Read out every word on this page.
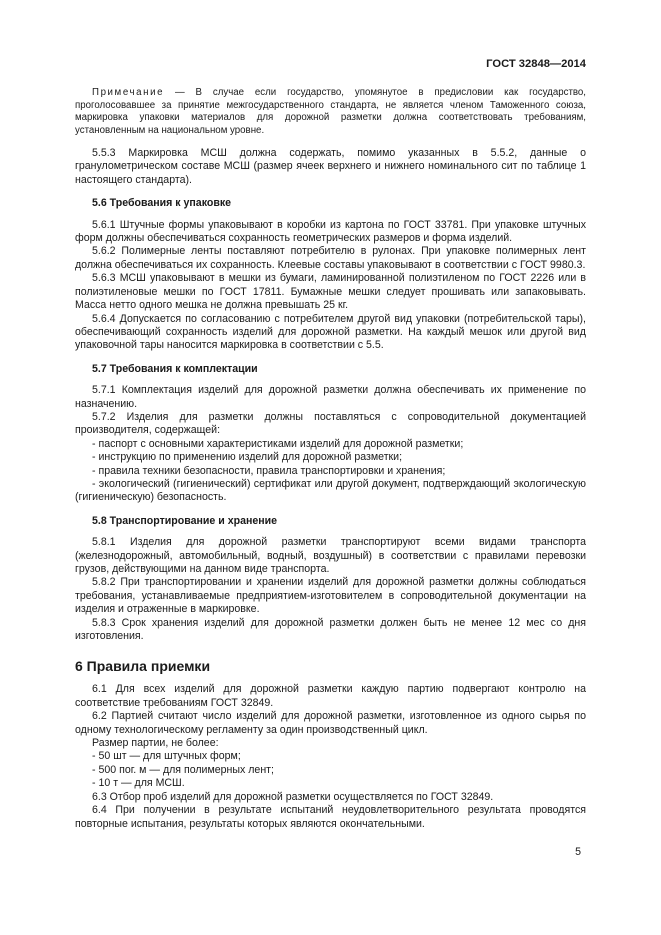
ГОСТ 32848—2014

Примечание — В случае если государство, упомянутое в предисловии как государство, проголосовавшее за принятие межгосударственного стандарта, не является членом Таможенного союза, маркировка упаковки материалов для дорожной разметки должна соответствовать требованиям, установленным на национальном уровне.

5.5.3 Маркировка МСШ должна содержать, помимо указанных в 5.5.2, данные о гранулометрическом составе МСШ (размер ячеек верхнего и нижнего номинального сит по таблице 1 настоящего стандарта).

5.6 Требования к упаковке

5.6.1 Штучные формы упаковывают в коробки из картона по ГОСТ 33781. При упаковке штучных форм должны обеспечиваться сохранность геометрических размеров и форма изделий.

5.6.2 Полимерные ленты поставляют потребителю в рулонах. При упаковке полимерных лент должна обеспечиваться их сохранность. Клеевые составы упаковывают в соответствии с ГОСТ 9980.3.

5.6.3 МСШ упаковывают в мешки из бумаги, ламинированной полиэтиленом по ГОСТ 2226 или в полиэтиленовые мешки по ГОСТ 17811. Бумажные мешки следует прошивать или запаковывать. Масса нетто одного мешка не должна превышать 25 кг.

5.6.4 Допускается по согласованию с потребителем другой вид упаковки (потребительской тары), обеспечивающий сохранность изделий для дорожной разметки. На каждый мешок или другой вид упаковочной тары наносится маркировка в соответствии с 5.5.

5.7 Требования к комплектации

5.7.1 Комплектация изделий для дорожной разметки должна обеспечивать их применение по назначению.

5.7.2 Изделия для разметки должны поставляться с сопроводительной документацией производителя, содержащей:

- паспорт с основными характеристиками изделий для дорожной разметки;

- инструкцию по применению изделий для дорожной разметки;

- правила техники безопасности, правила транспортировки и хранения;

- экологический (гигиенический) сертификат или другой документ, подтверждающий экологическую (гигиеническую) безопасность.

5.8 Транспортирование и хранение

5.8.1 Изделия для дорожной разметки транспортируют всеми видами транспорта (железнодорожный, автомобильный, водный, воздушный) в соответствии с правилами перевозки грузов, действующими на данном виде транспорта.

5.8.2 При транспортировании и хранении изделий для дорожной разметки должны соблюдаться требования, устанавливаемые предприятием-изготовителем в сопроводительной документации на изделия и отраженные в маркировке.

5.8.3 Срок хранения изделий для дорожной разметки должен быть не менее 12 мес со дня изготовления.

6 Правила приемки

6.1 Для всех изделий для дорожной разметки каждую партию подвергают контролю на соответствие требованиям ГОСТ 32849.

6.2 Партией считают число изделий для дорожной разметки, изготовленное из одного сырья по одному технологическому регламенту за один производственный цикл.

Размер партии, не более:

- 50 шт — для штучных форм;

- 500 пог. м — для полимерных лент;

- 10 т — для МСШ.

6.3 Отбор проб изделий для дорожной разметки осуществляется по ГОСТ 32849.

6.4 При получении в результате испытаний неудовлетворительного результата проводятся повторные испытания, результаты которых являются окончательными.

5
